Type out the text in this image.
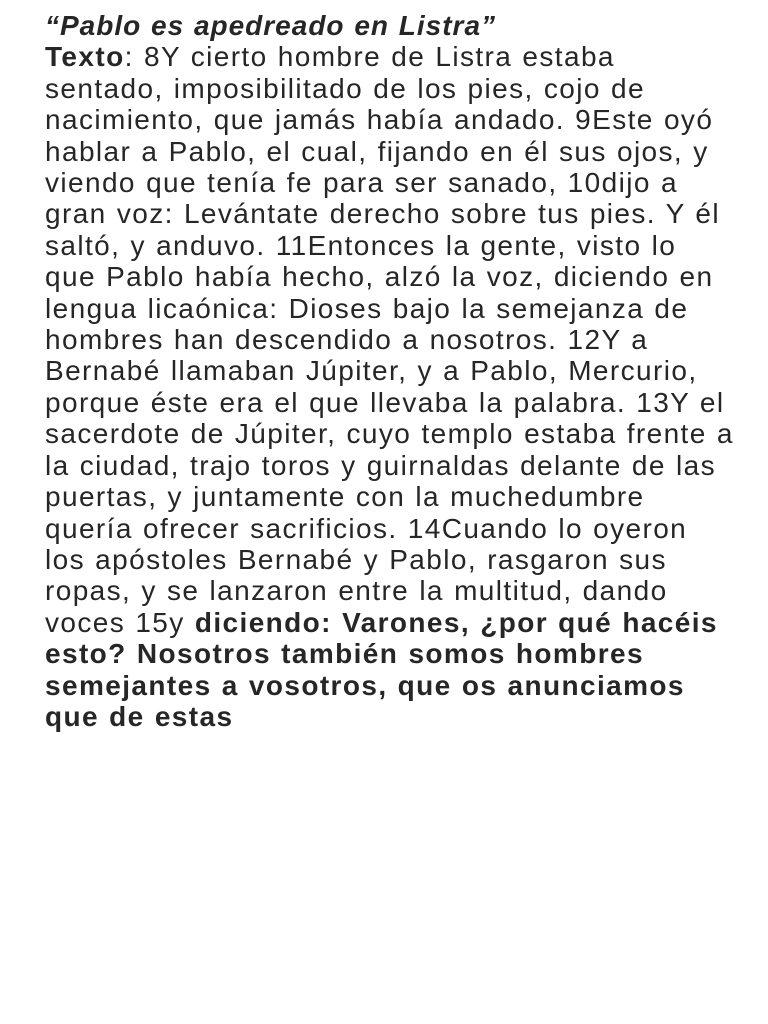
“Pablo es apedreado en Listra”

Texto: 8Y cierto hombre de Listra estaba sentado, imposibilitado de los pies, cojo de nacimiento, que jamás había andado. 9Este oyó hablar a Pablo, el cual, fijando en él sus ojos, y viendo que tenía fe para ser sanado, 10dijo a gran voz: Levántate derecho sobre tus pies. Y él saltó, y anduvo. 11Entonces la gente, visto lo que Pablo había hecho, alzó la voz, diciendo en lengua licaónica: Dioses bajo la semejanza de hombres han descendido a nosotros. 12Y a Bernabé llamaban Júpiter, y a Pablo, Mercurio, porque éste era el que llevaba la palabra. 13Y el sacerdote de Júpiter, cuyo templo estaba frente a la ciudad, trajo toros y guirnaldas delante de las puertas, y juntamente con la muchedumbre quería ofrecer sacrificios. 14Cuando lo oyeron los apóstoles Bernabé y Pablo, rasgaron sus ropas, y se lanzaron entre la multitud, dando voces 15y diciendo: Varones, ¿por qué hacéis esto? Nosotros también somos hombres semejantes a vosotros, que os anunciamos que de estas
